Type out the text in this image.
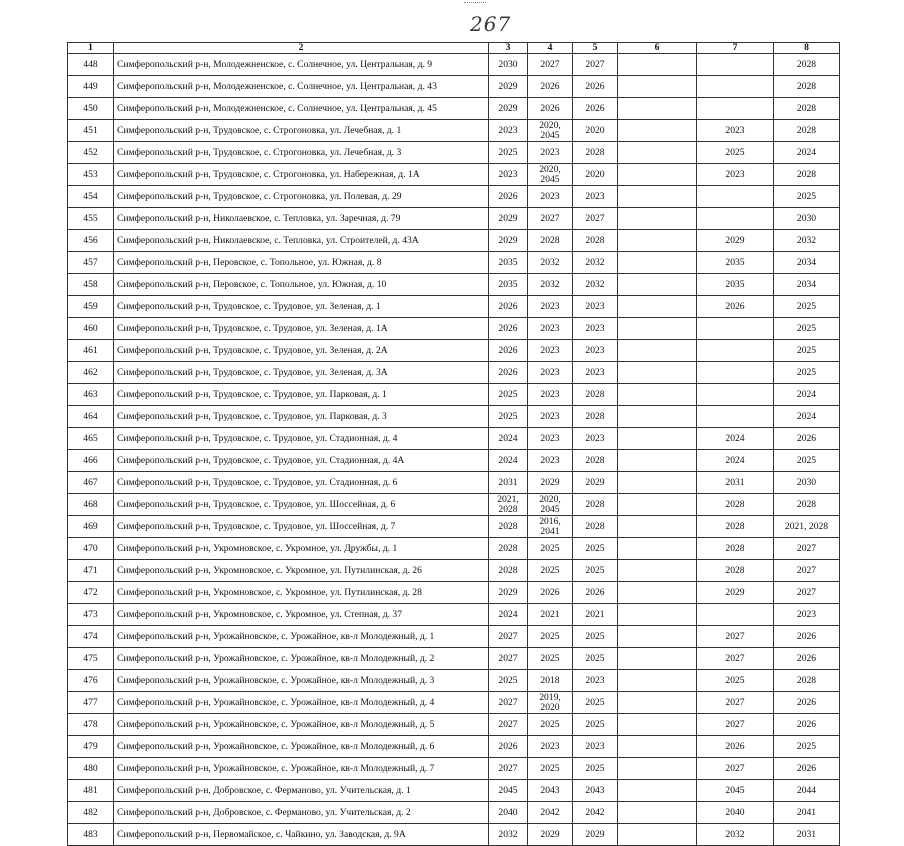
267
1	2	3	4	5	6	7	8
448	Симферопольский р-н, Молодежненское, с. Солнечное, ул. Центральная, д. 9	2030	2027	2027			2028
449	Симферопольский р-н, Молодежненское, с. Солнечное, ул. Центральная, д. 43	2029	2026	2026			2028
450	Симферопольский р-н, Молодежненское, с. Солнечное, ул. Центральная, д. 45	2029	2026	2026			2028
451	Симферопольский р-н, Трудовское, с. Строгоновка, ул. Лечебная, д. 1	2023	2020, 2045	2020		2023	2028
452	Симферопольский р-н, Трудовское, с. Строгоновка, ул. Лечебная, д. 3	2025	2023	2028		2025	2024
453	Симферопольский р-н, Трудовское, с. Строгоновка, ул. Набережная, д. 1А	2023	2020, 2045	2020		2023	2028
454	Симферопольский р-н, Трудовское, с. Строгоновка, ул. Полевая, д. 29	2026	2023	2023			2025
455	Симферопольский р-н, Николаевское, с. Тепловка, ул. Заречная, д. 79	2029	2027	2027			2030
456	Симферопольский р-н, Николаевское, с. Тепловка, ул. Строителей, д. 43А	2029	2028	2028		2029	2032
457	Симферопольский р-н, Перовское, с. Топольное, ул. Южная, д. 8	2035	2032	2032		2035	2034
458	Симферопольский р-н, Перовское, с. Топольное, ул. Южная, д. 10	2035	2032	2032		2035	2034
459	Симферопольский р-н, Трудовское, с. Трудовое, ул. Зеленая, д. 1	2026	2023	2023		2026	2025
460	Симферопольский р-н, Трудовское, с. Трудовое, ул. Зеленая, д. 1А	2026	2023	2023			2025
461	Симферопольский р-н, Трудовское, с. Трудовое, ул. Зеленая, д. 2А	2026	2023	2023			2025
462	Симферопольский р-н, Трудовское, с. Трудовое, ул. Зеленая, д. 3А	2026	2023	2023			2025
463	Симферопольский р-н, Трудовское, с. Трудовое, ул. Парковая, д. 1	2025	2023	2028			2024
464	Симферопольский р-н, Трудовское, с. Трудовое, ул. Парковая, д. 3	2025	2023	2028			2024
465	Симферопольский р-н, Трудовское, с. Трудовое, ул. Стадионная, д. 4	2024	2023	2023		2024	2026
466	Симферопольский р-н, Трудовское, с. Трудовое, ул. Стадионная, д. 4А	2024	2023	2028		2024	2025
467	Симферопольский р-н, Трудовское, с. Трудовое, ул. Стадионная, д. 6	2031	2029	2029		2031	2030
468	Симферопольский р-н, Трудовское, с. Трудовое, ул. Шоссейная, д. 6	2021, 2028	2020, 2045	2028		2028	2028
469	Симферопольский р-н, Трудовское, с. Трудовое, ул. Шоссейная, д. 7	2028	2016, 2041	2028		2028	2021, 2028
470	Симферопольский р-н, Укромновское, с. Укромное, ул. Дружбы, д. 1	2028	2025	2025		2028	2027
471	Симферопольский р-н, Укромновское, с. Укромное, ул. Путилинская, д. 26	2028	2025	2025		2028	2027
472	Симферопольский р-н, Укромновское, с. Укромное, ул. Путилинская, д. 28	2029	2026	2026		2029	2027
473	Симферопольский р-н, Укромновское, с. Укромное, ул. Степная, д. 37	2024	2021	2021			2023
474	Симферопольский р-н, Урожайновское, с. Урожайное, кв-л Молодежный, д. 1	2027	2025	2025		2027	2026
475	Симферопольский р-н, Урожайновское, с. Урожайное, кв-л Молодежный, д. 2	2027	2025	2025		2027	2026
476	Симферопольский р-н, Урожайновское, с. Урожайное, кв-л Молодежный, д. 3	2025	2018	2023		2025	2028
477	Симферопольский р-н, Урожайновское, с. Урожайное, кв-л Молодежный, д. 4	2027	2019, 2020	2025		2027	2026
478	Симферопольский р-н, Урожайновское, с. Урожайное, кв-л Молодежный, д. 5	2027	2025	2025		2027	2026
479	Симферопольский р-н, Урожайновское, с. Урожайное, кв-л Молодежный, д. 6	2026	2023	2023		2026	2025
480	Симферопольский р-н, Урожайновское, с. Урожайное, кв-л Молодежный, д. 7	2027	2025	2025		2027	2026
481	Симферопольский р-н, Добровское, с. Ферманово, ул. Учительская, д. 1	2045	2043	2043		2045	2044
482	Симферопольский р-н, Добровское, с. Ферманово, ул. Учительская, д. 2	2040	2042	2042		2040	2041
483	Симферопольский р-н, Первомайское, с. Чайкино, ул. Заводская, д. 9А	2032	2029	2029		2032	2031
